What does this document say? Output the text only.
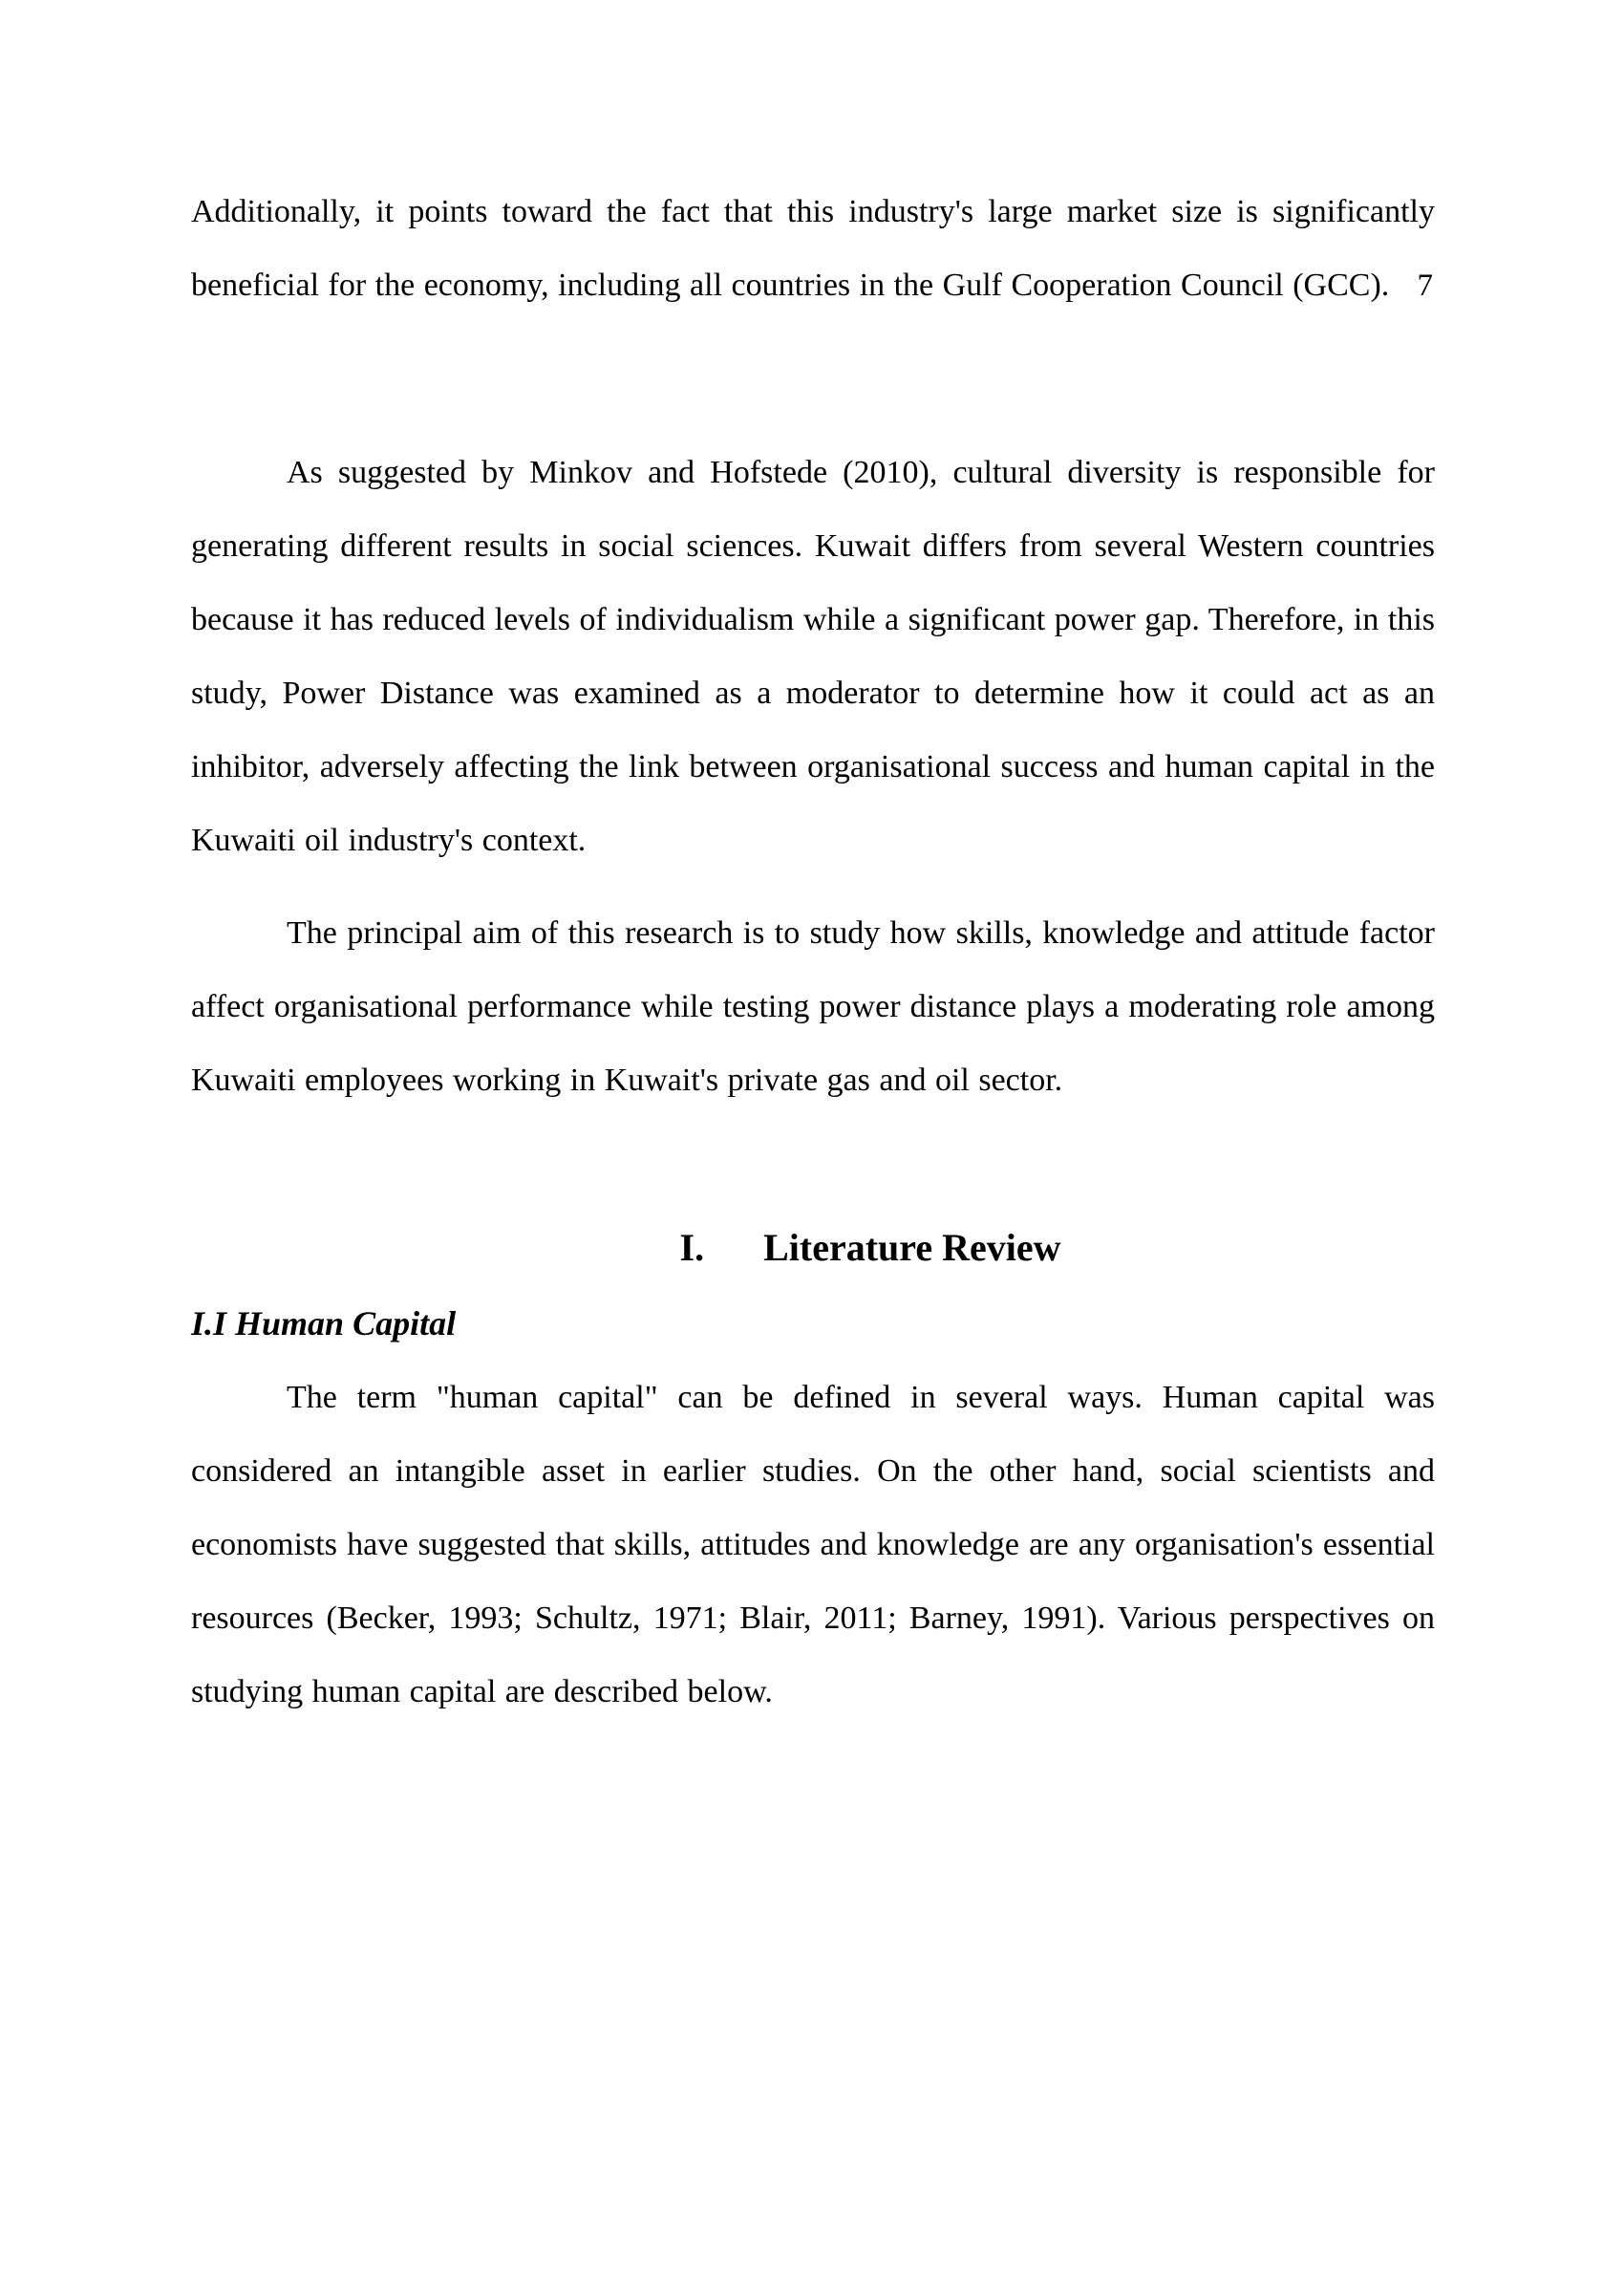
7

Additionally, it points toward the fact that this industry's large market size is significantly beneficial for the economy, including all countries in the Gulf Cooperation Council (GCC).

As suggested by Minkov and Hofstede (2010), cultural diversity is responsible for generating different results in social sciences. Kuwait differs from several Western countries because it has reduced levels of individualism while a significant power gap. Therefore, in this study, Power Distance was examined as a moderator to determine how it could act as an inhibitor, adversely affecting the link between organisational success and human capital in the Kuwaiti oil industry's context.

The principal aim of this research is to study how skills, knowledge and attitude factor affect organisational performance while testing power distance plays a moderating role among Kuwaiti employees working in Kuwait's private gas and oil sector.

I. Literature Review
I.I Human Capital

The term "human capital" can be defined in several ways. Human capital was considered an intangible asset in earlier studies. On the other hand, social scientists and economists have suggested that skills, attitudes and knowledge are any organisation's essential resources (Becker, 1993; Schultz, 1971; Blair, 2011; Barney, 1991). Various perspectives on studying human capital are described below.
